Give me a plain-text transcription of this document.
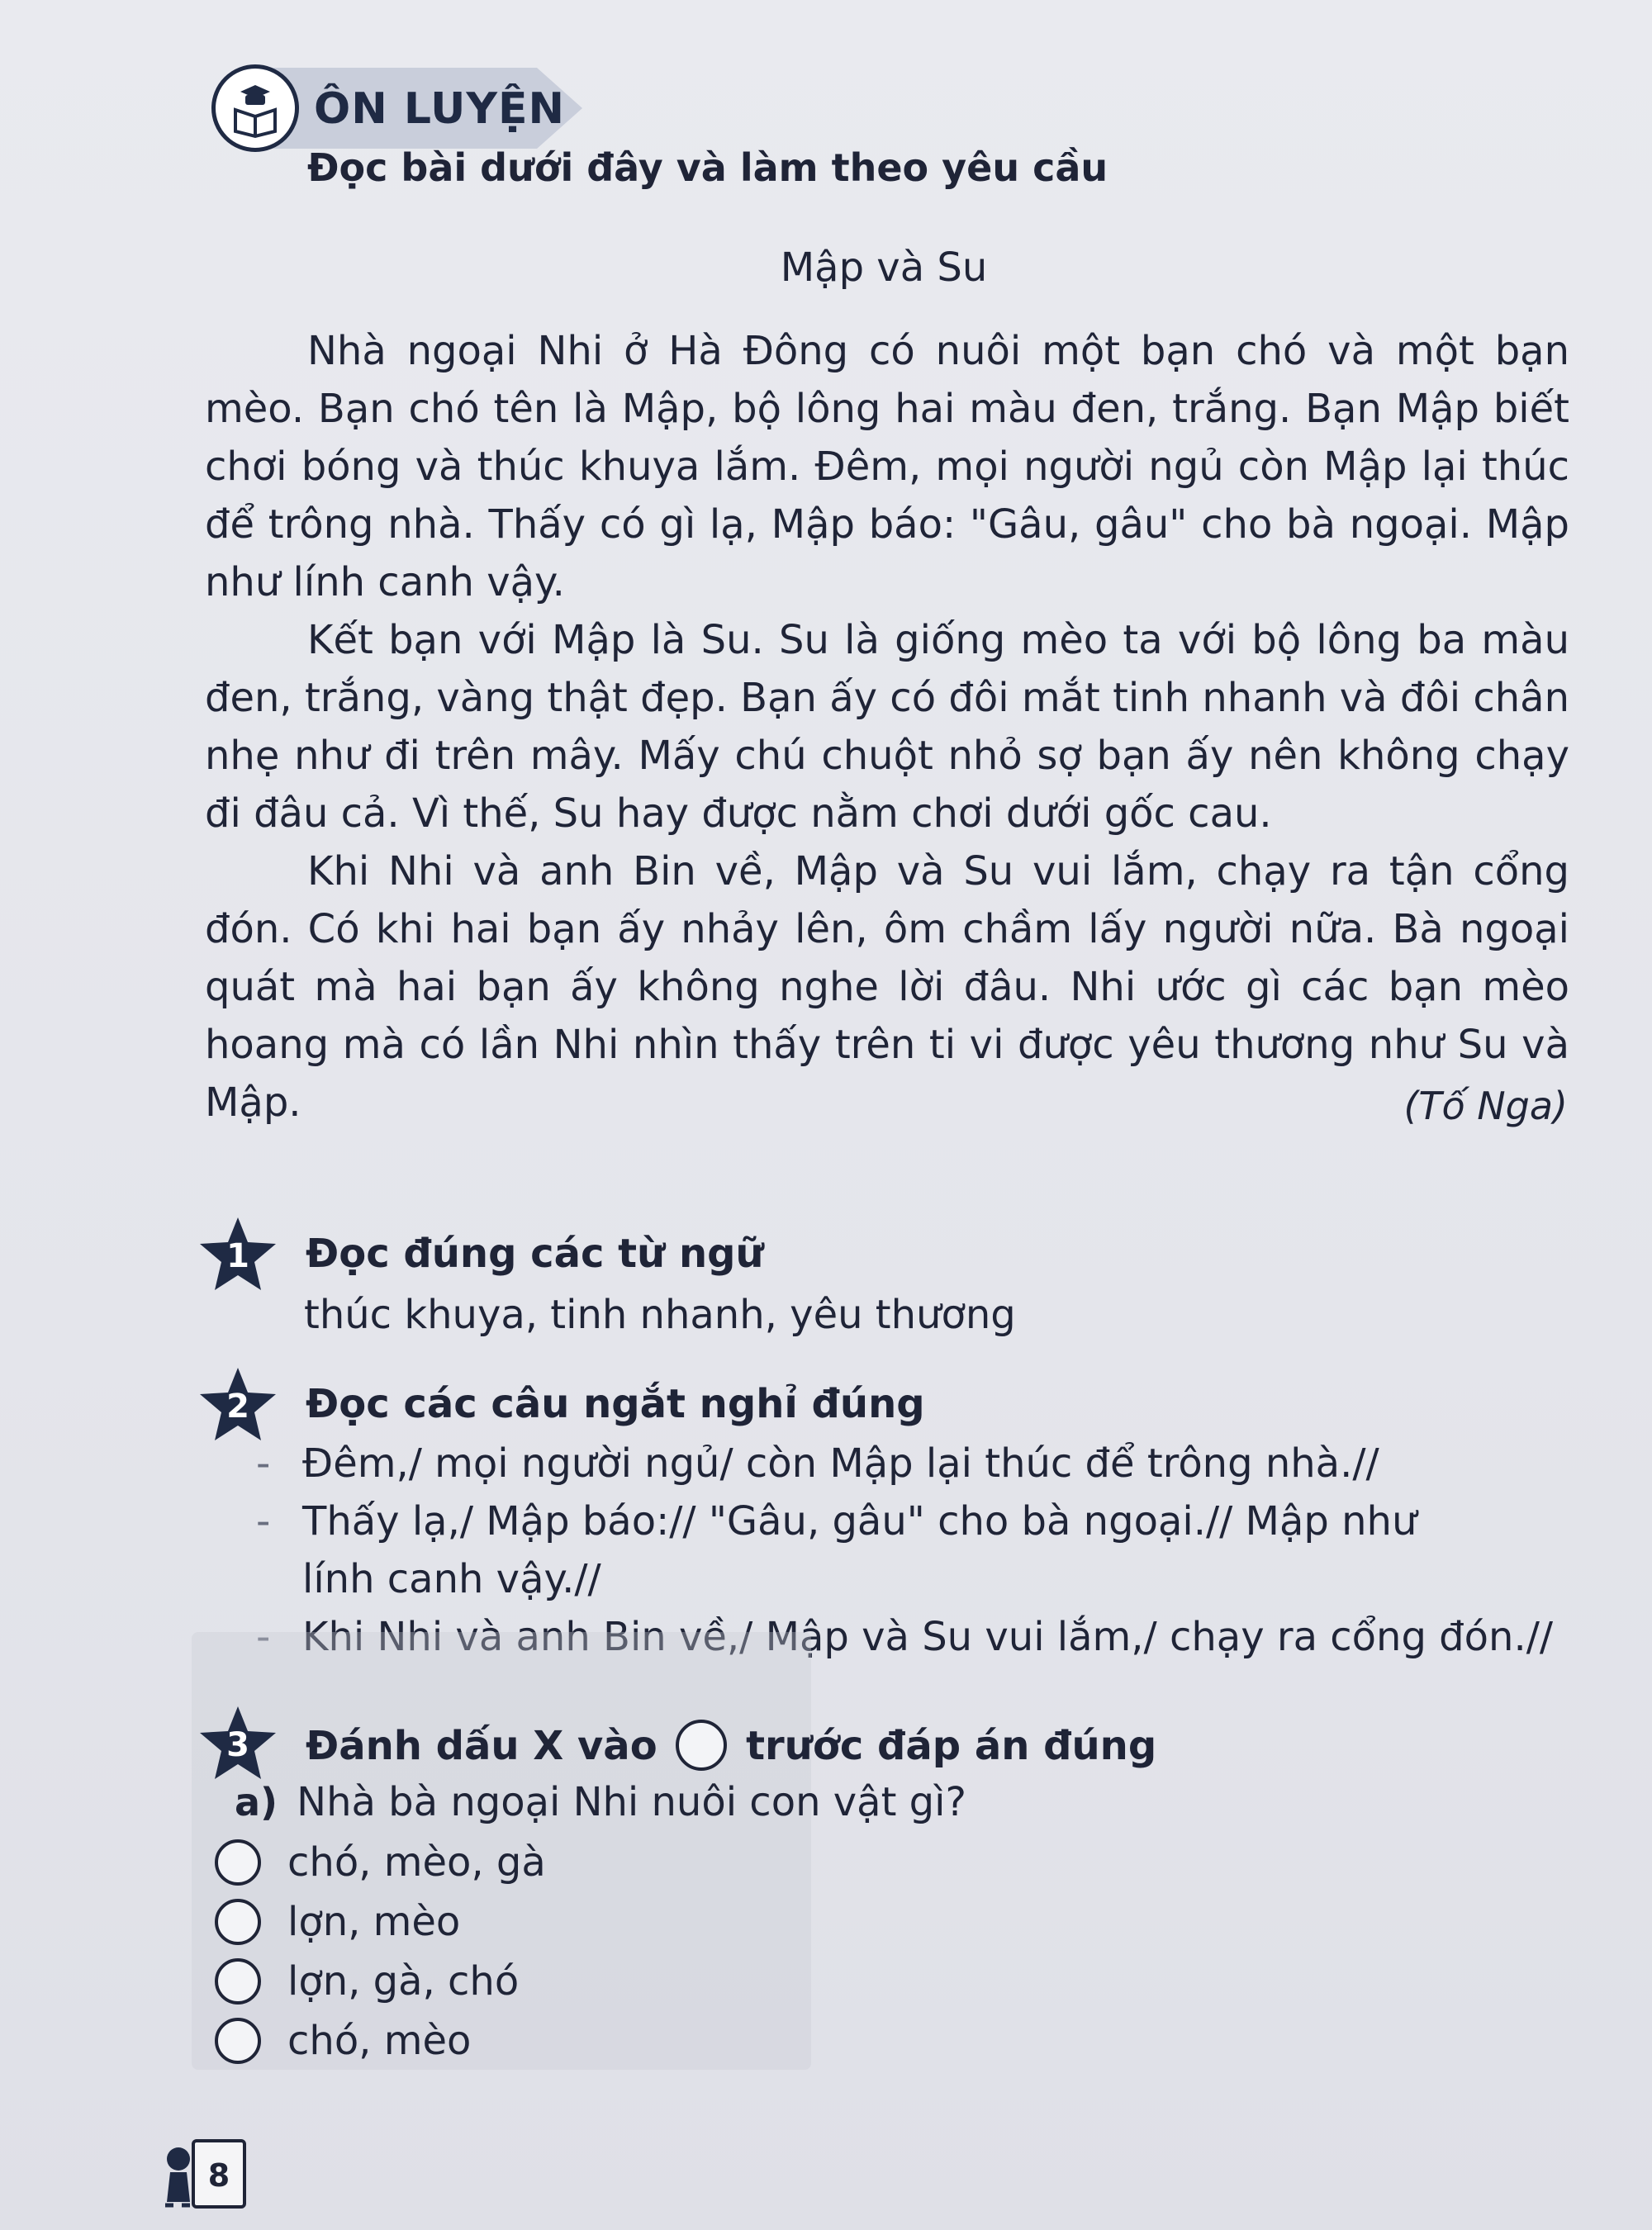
ÔN LUYỆN
Đọc bài dưới đây và làm theo yêu cầu
Mập và Su

Nhà ngoại Nhi ở Hà Đông có nuôi một bạn chó và một bạn mèo. Bạn chó tên là Mập, bộ lông hai màu đen, trắng. Bạn Mập biết chơi bóng và thúc khuya lắm. Đêm, mọi người ngủ còn Mập lại thúc để trông nhà. Thấy có gì lạ, Mập báo: "Gâu, gâu" cho bà ngoại. Mập như lính canh vậy.

Kết bạn với Mập là Su. Su là giống mèo ta với bộ lông ba màu đen, trắng, vàng thật đẹp. Bạn ấy có đôi mắt tinh nhanh và đôi chân nhẹ như đi trên mây. Mấy chú chuột nhỏ sợ bạn ấy nên không chạy đi đâu cả. Vì thế, Su hay được nằm chơi dưới gốc cau.

Khi Nhi và anh Bin về, Mập và Su vui lắm, chạy ra tận cổng đón. Có khi hai bạn ấy nhảy lên, ôm chầm lấy người nữa. Bà ngoại quát mà hai bạn ấy không nghe lời đâu. Nhi ước gì các bạn mèo hoang mà có lần Nhi nhìn thấy trên ti vi được yêu thương như Su và Mập.	(Tố Nga)
1	Đọc đúng các từ ngữ
thúc khuya, tinh nhanh, yêu thương
2	Đọc các câu ngắt nghỉ đúng
- Đêm,/ mọi người ngủ/ còn Mập lại thúc để trông nhà.//
- Thấy lạ,/ Mập báo:// "Gâu, gâu" cho bà ngoại.// Mập như
lính canh vậy.//
- Khi Nhi và anh Bin về,/ Mập và Su vui lắm,/ chạy ra cổng đón.//
3	Đánh dấu X vào trước đáp án đúng
a) Nhà bà ngoại Nhi nuôi con vật gì?
chó, mèo, gà
lợn, mèo
lợn, gà, chó
chó, mèo
8
